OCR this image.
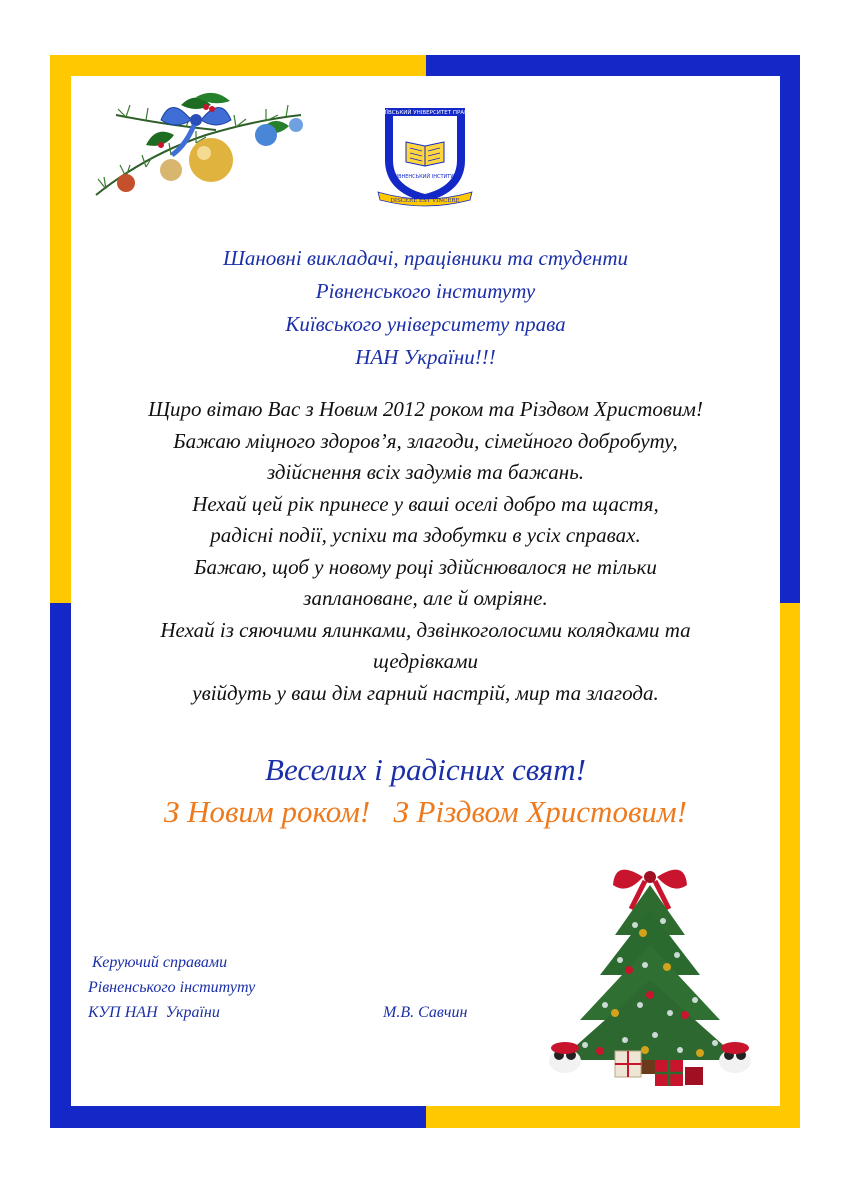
КИЇВСЬКИЙ УНІВЕРСИТЕТ ПРАВА
РІВНЕНСЬКИЙ ІНСТИТУТ
DISCERE EST VINCERE
Шановні викладачі, працівники та студенти
Рівненського інституту
Київського університету права
НАН України!!!
Щиро вітаю Вас з Новим 2012 роком та Різдвом Христовим!
Бажаю міцного здоров’я, злагоди, сімейного добробуту,
здійснення всіх задумів та бажань.
Нехай цей рік принесе у ваші оселі добро та щастя,
радісні події, успіхи та здобутки в усіх справах.
Бажаю, щоб у новому році здійснювалося не тільки
заплановане, але й омріяне.
Нехай із сяючими ялинками, дзвінкоголосими колядками та
щедрівками
увійдуть у ваш дім гарний настрій, мир та злагода.
Веселих і радісних свят!
З Новим роком!   З Різдвом Христовим!
Керуючий справами
Рівненського інституту
КУП НАН  України	М.В. Савчин
